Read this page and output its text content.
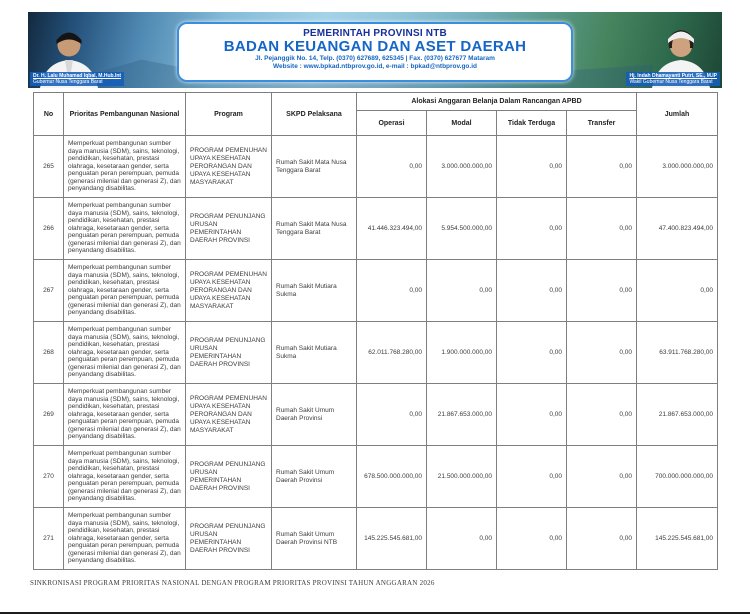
PEMERINTAH PROVINSI NTB
BADAN KEUANGAN DAN ASET DAERAH
Jl. Pejanggik No. 14, Telp. (0370) 627689, 625345 | Fax. (0370) 627677 Mataram
Website : www.bpkad.ntbprov.go.id, e-mail : bpkad@ntbprov.go.id
Dr. H. Lalu Muhamad Iqbal, M.Hub.Int
Gubernur Nusa Tenggara Barat
Hj. Indah Dhamayanti Putri, SE., M.IP
Wakil Gubernur Nusa Tenggara Barat
No	Prioritas Pembangunan Nasional	Program	SKPD Pelaksana	Alokasi Anggaran Belanja Dalam Rancangan APBD				Jumlah
				Operasi	Modal	Tidak Terduga	Transfer	
265	Memperkuat pembangunan sumber daya manusia (SDM), sains, teknologi, pendidikan, kesehatan, prestasi olahraga, kesetaraan gender, serta penguatan peran perempuan, pemuda (generasi milenial dan generasi Z), dan penyandang disabilitas.	PROGRAM PEMENUHAN UPAYA KESEHATAN PERORANGAN DAN UPAYA KESEHATAN MASYARAKAT	Rumah Sakit Mata Nusa Tenggara Barat	0,00	3.000.000.000,00	0,00	0,00	3.000.000.000,00
266	Memperkuat pembangunan sumber daya manusia (SDM), sains, teknologi, pendidikan, kesehatan, prestasi olahraga, kesetaraan gender, serta penguatan peran perempuan, pemuda (generasi milenial dan generasi Z), dan penyandang disabilitas.	PROGRAM PENUNJANG URUSAN PEMERINTAHAN DAERAH PROVINSI	Rumah Sakit Mata Nusa Tenggara Barat	41.446.323.494,00	5.954.500.000,00	0,00	0,00	47.400.823.494,00
267	Memperkuat pembangunan sumber daya manusia (SDM), sains, teknologi, pendidikan, kesehatan, prestasi olahraga, kesetaraan gender, serta penguatan peran perempuan, pemuda (generasi milenial dan generasi Z), dan penyandang disabilitas.	PROGRAM PEMENUHAN UPAYA KESEHATAN PERORANGAN DAN UPAYA KESEHATAN MASYARAKAT	Rumah Sakit Mutiara Sukma	0,00	0,00	0,00	0,00	0,00
268	Memperkuat pembangunan sumber daya manusia (SDM), sains, teknologi, pendidikan, kesehatan, prestasi olahraga, kesetaraan gender, serta penguatan peran perempuan, pemuda (generasi milenial dan generasi Z), dan penyandang disabilitas.	PROGRAM PENUNJANG URUSAN PEMERINTAHAN DAERAH PROVINSI	Rumah Sakit Mutiara Sukma	62.011.768.280,00	1.900.000.000,00	0,00	0,00	63.911.768.280,00
269	Memperkuat pembangunan sumber daya manusia (SDM), sains, teknologi, pendidikan, kesehatan, prestasi olahraga, kesetaraan gender, serta penguatan peran perempuan, pemuda (generasi milenial dan generasi Z), dan penyandang disabilitas.	PROGRAM PEMENUHAN UPAYA KESEHATAN PERORANGAN DAN UPAYA KESEHATAN MASYARAKAT	Rumah Sakit Umum Daerah Provinsi	0,00	21.867.653.000,00	0,00	0,00	21.867.653.000,00
270	Memperkuat pembangunan sumber daya manusia (SDM), sains, teknologi, pendidikan, kesehatan, prestasi olahraga, kesetaraan gender, serta penguatan peran perempuan, pemuda (generasi milenial dan generasi Z), dan penyandang disabilitas.	PROGRAM PENUNJANG URUSAN PEMERINTAHAN DAERAH PROVINSI	Rumah Sakit Umum Daerah Provinsi	678.500.000.000,00	21.500.000.000,00	0,00	0,00	700.000.000.000,00
271	Memperkuat pembangunan sumber daya manusia (SDM), sains, teknologi, pendidikan, kesehatan, prestasi olahraga, kesetaraan gender, serta penguatan peran perempuan, pemuda (generasi milenial dan generasi Z), dan penyandang disabilitas.	PROGRAM PENUNJANG URUSAN PEMERINTAHAN DAERAH PROVINSI	Rumah Sakit Umum Daerah Provinsi NTB	145.225.545.681,00	0,00	0,00	0,00	145.225.545.681,00
SINKRONISASI PROGRAM PRIORITAS NASIONAL DENGAN PROGRAM PRIORITAS PROVINSI TAHUN ANGGARAN 2026
